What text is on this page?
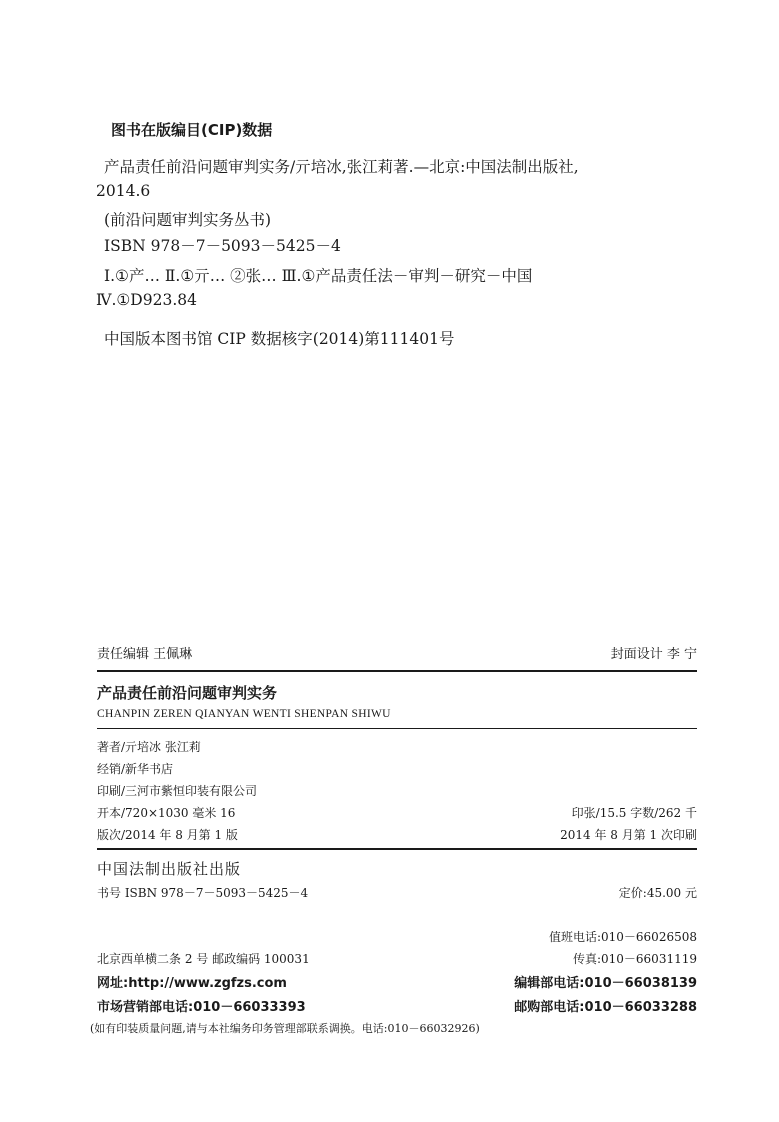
图书在版编目(CIP)数据
产品责任前沿问题审判实务/亓培冰,张江莉著.—北京:中国法制出版社,
2014.6
(前沿问题审判实务丛书)
ISBN 978－7－5093－5425－4
Ⅰ.①产… Ⅱ.①亓… ②张… Ⅲ.①产品责任法－审判－研究－中国
Ⅳ.①D923.84
中国版本图书馆 CIP 数据核字(2014)第111401号
责任编辑 王佩琳	封面设计 李 宁
产品责任前沿问题审判实务
CHANPIN ZEREN QIANYAN WENTI SHENPAN SHIWU
著者/亓培冰 张江莉
经销/新华书店
印刷/三河市紫恒印装有限公司
开本/720×1030 毫米 16	印张/15.5 字数/262 千
版次/2014 年 8 月第 1 版	2014 年 8 月第 1 次印刷
中国法制出版社出版
书号 ISBN 978－7－5093－5425－4	定价:45.00 元
值班电话:010－66026508
北京西单横二条 2 号 邮政编码 100031	传真:010－66031119
网址:http://www.zgfzs.com	编辑部电话:010－66038139
市场营销部电话:010－66033393	邮购部电话:010－66033288
(如有印装质量问题,请与本社编务印务管理部联系调换。电话:010－66032926)
